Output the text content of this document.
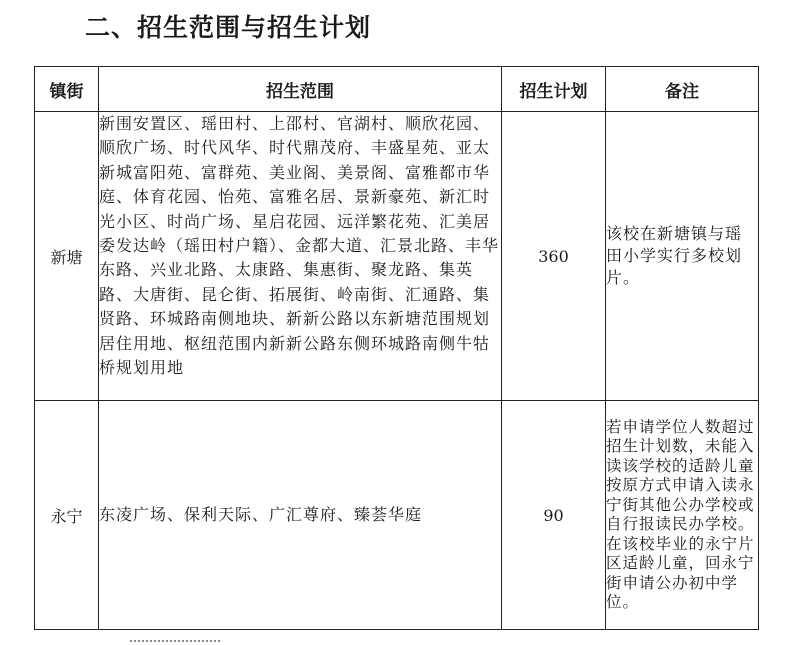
二、招生范围与招生计划
镇街	招生范围	招生计划	备注
新塘	新围安置区、瑶田村、上邵村、官湖村、顺欣花园、顺欣广场、时代风华、时代鼎茂府、丰盛星苑、亚太新城富阳苑、富群苑、美业阁、美景阁、富雅都市华庭、体育花园、怡苑、富雅名居、景新豪苑、新汇时光小区、时尚广场、星启花园、远洋繁花苑、汇美居委发达岭（瑶田村户籍）、金都大道、汇景北路、丰华东路、兴业北路、太康路、集惠街、聚龙路、集英路、大唐街、昆仑街、拓展街、岭南街、汇通路、集贤路、环城路南侧地块、新新公路以东新塘范围规划居住用地、枢纽范围内新新公路东侧环城路南侧牛牯桥规划用地	360	该校在新塘镇与瑶田小学实行多校划片。
永宁	东凌广场、保利天际、广汇尊府、臻荟华庭	90	若申请学位人数超过招生计划数，未能入读该学校的适龄儿童按原方式申请入读永宁街其他公办学校或自行报读民办学校。在该校毕业的永宁片区适龄儿童，回永宁街申请公办初中学位。
